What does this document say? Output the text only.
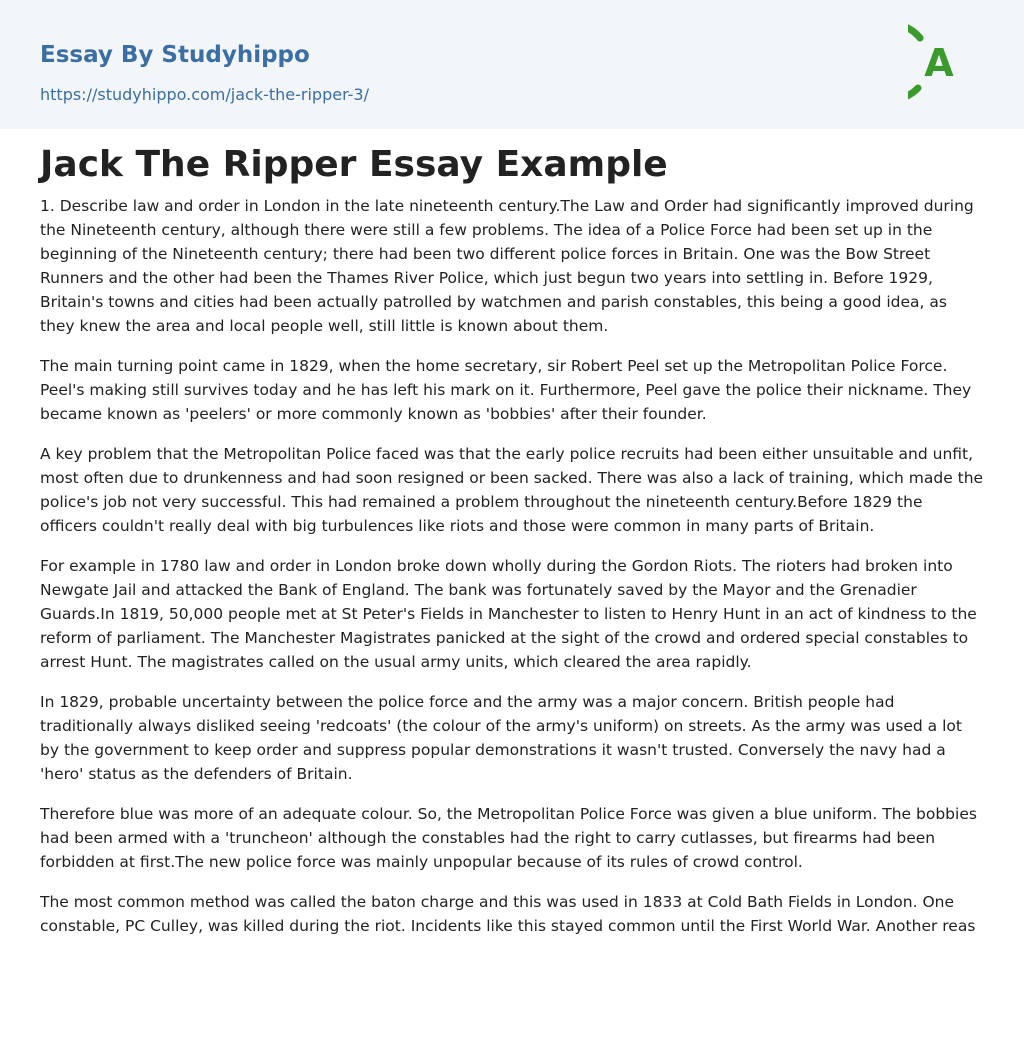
Essay By Studyhippo
https://studyhippo.com/jack-the-ripper-3/
A
Jack The Ripper Essay Example

1. Describe law and order in London in the late nineteenth century.The Law and Order had significantly improved during the Nineteenth century, although there were still a few problems. The idea of a Police Force had been set up in the beginning of the Nineteenth century; there had been two different police forces in Britain. One was the Bow Street Runners and the other had been the Thames River Police, which just begun two years into settling in. Before 1929, Britain's towns and cities had been actually patrolled by watchmen and parish constables, this being a good idea, as they knew the area and local people well, still little is known about them.

The main turning point came in 1829, when the home secretary, sir Robert Peel set up the Metropolitan Police Force. Peel's making still survives today and he has left his mark on it. Furthermore, Peel gave the police their nickname. They became known as 'peelers' or more commonly known as 'bobbies' after their founder.

A key problem that the Metropolitan Police faced was that the early police recruits had been either unsuitable and unfit, most often due to drunkenness and had soon resigned or been sacked. There was also a lack of training, which made the police's job not very successful. This had remained a problem throughout the nineteenth century.Before 1829 the officers couldn't really deal with big turbulences like riots and those were common in many parts of Britain.

For example in 1780 law and order in London broke down wholly during the Gordon Riots. The rioters had broken into Newgate Jail and attacked the Bank of England. The bank was fortunately saved by the Mayor and the Grenadier Guards.In 1819, 50,000 people met at St Peter's Fields in Manchester to listen to Henry Hunt in an act of kindness to the reform of parliament. The Manchester Magistrates panicked at the sight of the crowd and ordered special constables to arrest Hunt. The magistrates called on the usual army units, which cleared the area rapidly.

In 1829, probable uncertainty between the police force and the army was a major concern. British people had traditionally always disliked seeing 'redcoats' (the colour of the army's uniform) on streets. As the army was used a lot by the government to keep order and suppress popular demonstrations it wasn't trusted. Conversely the navy had a 'hero' status as the defenders of Britain.

Therefore blue was more of an adequate colour. So, the Metropolitan Police Force was given a blue uniform. The bobbies had been armed with a 'truncheon' although the constables had the right to carry cutlasses, but firearms had been forbidden at first.The new police force was mainly unpopular because of its rules of crowd control.

The most common method was called the baton charge and this was used in 1833 at Cold Bath Fields in London. One constable, PC Culley, was killed during the riot. Incidents like this stayed common until the First World War. Another reas
